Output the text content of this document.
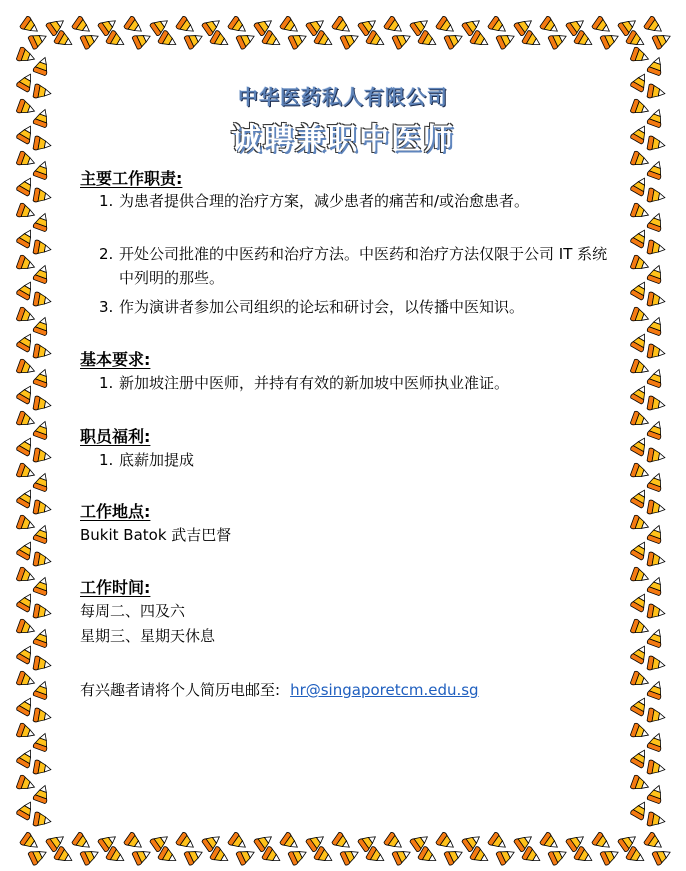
中华医药私人有限公司
诚聘兼职中医师
主要工作职责:
1. 为患者提供合理的治疗方案，减少患者的痛苦和/或治愈患者。
2. 开处公司批准的中医药和治疗方法。中医药和治疗方法仅限于公司 IT 系统中列明的那些。
3. 作为演讲者参加公司组织的论坛和研讨会，以传播中医知识。
基本要求:
1. 新加坡注册中医师，并持有有效的新加坡中医师执业准证。
职员福利:
1. 底薪加提成
工作地点:
Bukit Batok 武吉巴督
工作时间:
每周二、四及六
星期三、星期天休息
有兴趣者请将个人简历电邮至: hr@singaporetcm.edu.sg
